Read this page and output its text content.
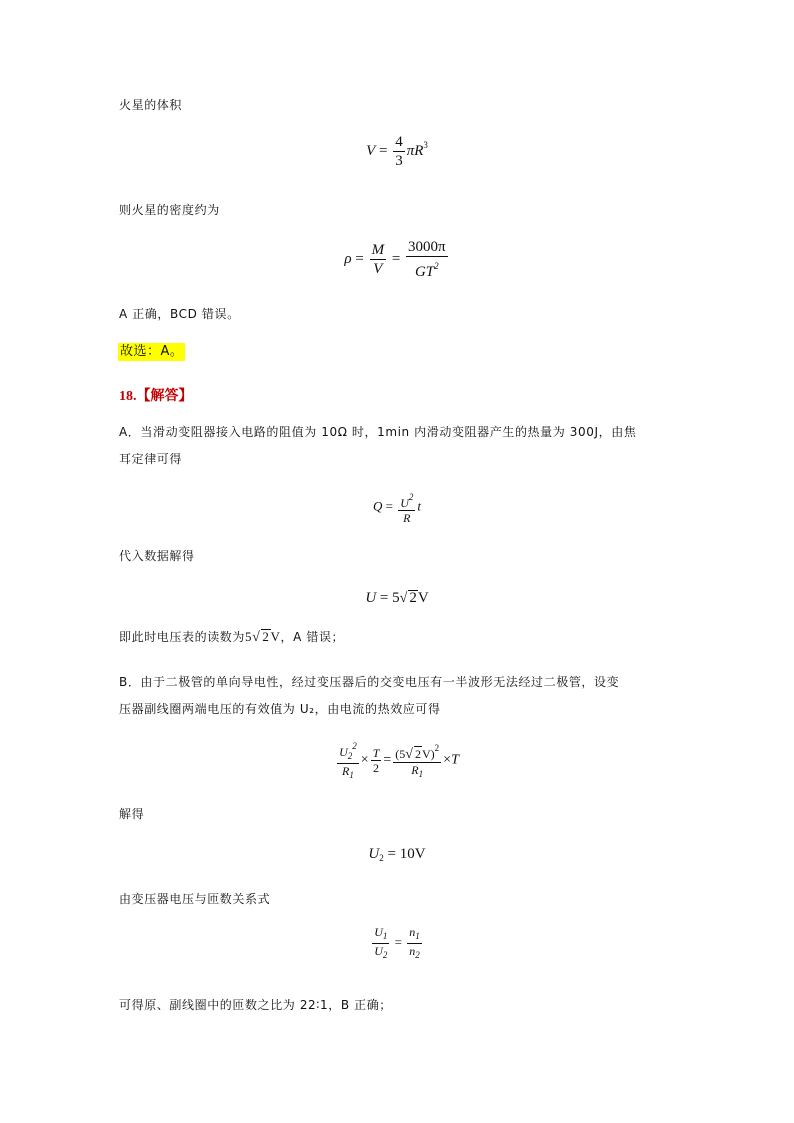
火星的体积
$V = \frac{4}{3} \pi R^3$
则火星的密度约为
$\rho = \frac{M}{V} = \frac{3000\pi}{GT^2}$
A 正确，BCD 错误。
故选：A。
18.【解答】
A．当滑动变阻器接入电路的阻值为 10Ω 时，1min 内滑动变阻器产生的热量为 300J，由焦
耳定律可得
$Q = \frac{U^2}{R}$ t
代入数据解得
U = 5√ 2V
即此时电压表的读数为5√ 2V，A 错误；
B．由于二极管的单向导电性，经过变压器后的交变电压有一半波形无法经过二极管，设变
压器副线圈两端电压的有效值为 U₂，由电流的热效应可得
$\frac{U_2^2}{R_1} \times \frac{T}{2} = \frac{(5√ 2V)^2}{R_1} \times T$
解得
$U_2 = 10V$
由变压器电压与匝数关系式
$\frac{U_1}{U_2} = \frac{n_1}{n_2}$
可得原、副线圈中的匝数之比为 22∶1，B 正确；
